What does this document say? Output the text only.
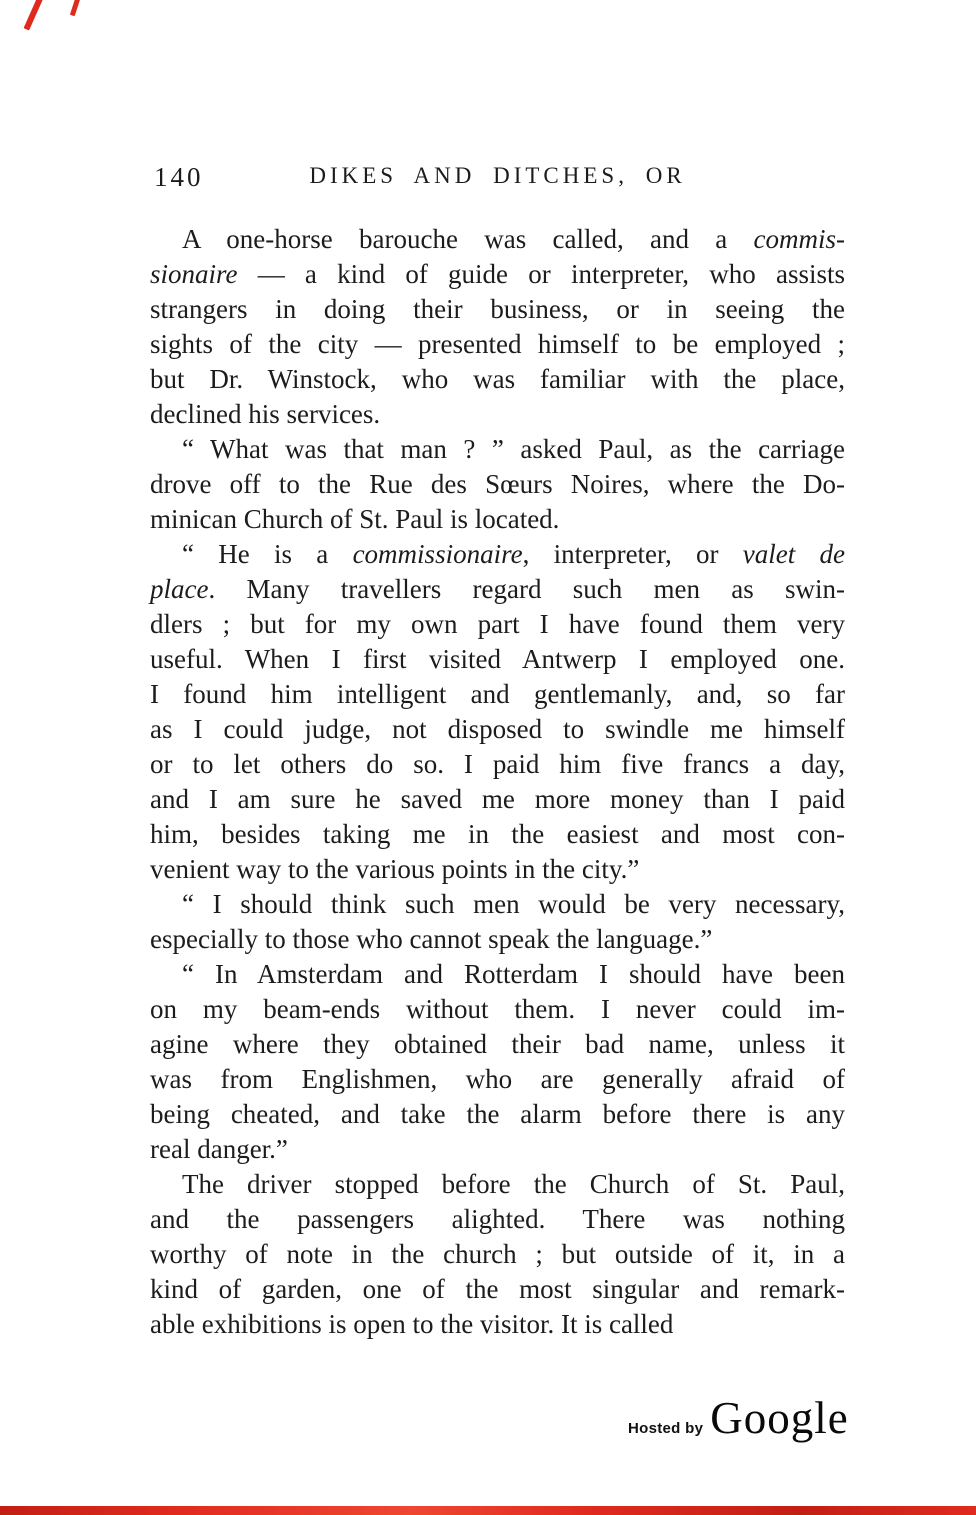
140	DIKES AND DITCHES, OR
A one-horse barouche was called, and a commis-
sionaire — a kind of guide or interpreter, who assists
strangers in doing their business, or in seeing the
sights of the city — presented himself to be employed ;
but Dr. Winstock, who was familiar with the place,
declined his services.
“ What was that man ? ” asked Paul, as the carriage
drove off to the Rue des Sœurs Noires, where the Do-
minican Church of St. Paul is located.
“ He is a commissionaire, interpreter, or valet de
place. Many travellers regard such men as swin-
dlers ; but for my own part I have found them very
useful. When I first visited Antwerp I employed one.
I found him intelligent and gentlemanly, and, so far
as I could judge, not disposed to swindle me himself
or to let others do so. I paid him five francs a day,
and I am sure he saved me more money than I paid
him, besides taking me in the easiest and most con-
venient way to the various points in the city.”
“ I should think such men would be very necessary,
especially to those who cannot speak the language.”
“ In Amsterdam and Rotterdam I should have been
on my beam-ends without them. I never could im-
agine where they obtained their bad name, unless it
was from Englishmen, who are generally afraid of
being cheated, and take the alarm before there is any
real danger.”
The driver stopped before the Church of St. Paul,
and the passengers alighted. There was nothing
worthy of note in the church ; but outside of it, in a
kind of garden, one of the most singular and remark-
able exhibitions is open to the visitor. It is called
Hosted by Google
